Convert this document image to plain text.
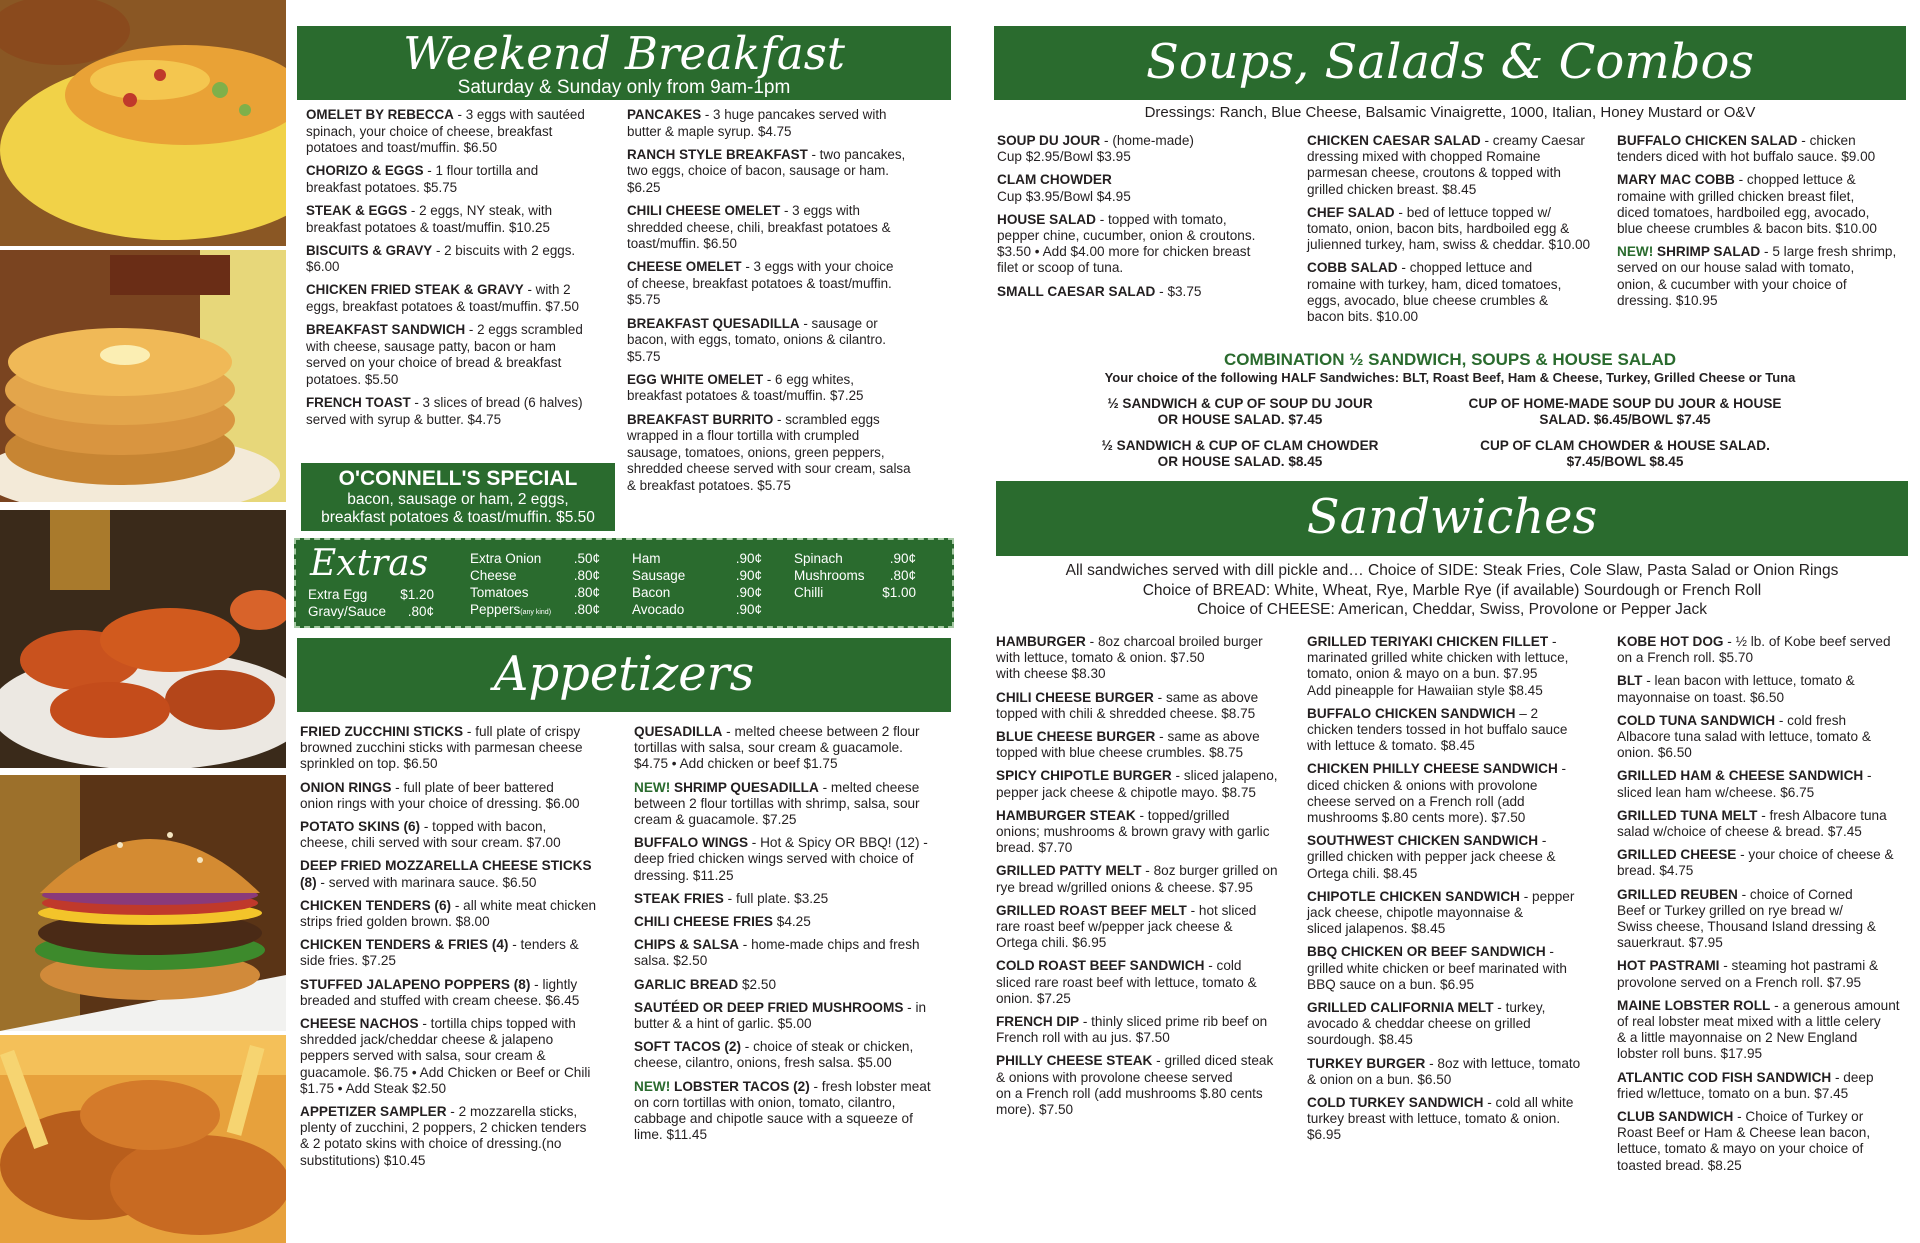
Weekend Breakfast
Saturday & Sunday only from 9am-1pm
OMELET BY REBECCA - 3 eggs with sautéed
spinach, your choice of cheese, breakfast
potatoes and toast/muffin. $6.50
CHORIZO & EGGS - 1 flour tortilla and
breakfast potatoes. $5.75
STEAK & EGGS - 2 eggs, NY steak, with
breakfast potatoes & toast/muffin. $10.25
BISCUITS & GRAVY - 2 biscuits with 2 eggs.
$6.00
CHICKEN FRIED STEAK & GRAVY - with 2
eggs, breakfast potatoes & toast/muffin. $7.50
BREAKFAST SANDWICH - 2 eggs scrambled
with cheese, sausage patty, bacon or ham
served on your choice of bread & breakfast
potatoes. $5.50
FRENCH TOAST - 3 slices of bread (6 halves)
served with syrup & butter. $4.75
PANCAKES - 3 huge pancakes served with
butter & maple syrup. $4.75
RANCH STYLE BREAKFAST - two pancakes,
two eggs, choice of bacon, sausage or ham.
$6.25
CHILI CHEESE OMELET - 3 eggs with
shredded cheese, chili, breakfast potatoes &
toast/muffin. $6.50
CHEESE OMELET - 3 eggs with your choice
of cheese, breakfast potatoes & toast/muffin.
$5.75
BREAKFAST QUESADILLA - sausage or
bacon, with eggs, tomato, onions & cilantro.
$5.75
EGG WHITE OMELET - 6 egg whites,
breakfast potatoes & toast/muffin. $7.25
BREAKFAST BURRITO - scrambled eggs
wrapped in a flour tortilla with crumpled
sausage, tomatoes, onions, green peppers,
shredded cheese served with sour cream, salsa
& breakfast potatoes. $5.75
O'CONNELL'S SPECIAL
bacon, sausage or ham, 2 eggs,
breakfast potatoes & toast/muffin. $5.50
Extras
Extra Egg $1.20
Gravy/Sauce .80¢
Extra Onion .50¢
Cheese	.80¢
Tomatoes	.80¢
Peppers(any kind) .80¢
Ham	.90¢
Sausage	.90¢
Bacon	.90¢
Avocado	.90¢
Spinach	.90¢
Mushrooms .80¢
Chilli	$1.00
Appetizers
FRIED ZUCCHINI STICKS - full plate of crispy
browned zucchini sticks with parmesan cheese
sprinkled on top. $6.50
ONION RINGS - full plate of beer battered
onion rings with your choice of dressing. $6.00
POTATO SKINS (6) - topped with bacon,
cheese, chili served with sour cream. $7.00
DEEP FRIED MOZZARELLA CHEESE STICKS
(8) - served with marinara sauce. $6.50
CHICKEN TENDERS (6) - all white meat chicken
strips fried golden brown. $8.00
CHICKEN TENDERS & FRIES (4) - tenders &
side fries. $7.25
STUFFED JALAPENO POPPERS (8) - lightly
breaded and stuffed with cream cheese. $6.45
CHEESE NACHOS - tortilla chips topped with
shredded jack/cheddar cheese & jalapeno
peppers served with salsa, sour cream &
guacamole. $6.75 • Add Chicken or Beef or Chili
$1.75 • Add Steak $2.50
APPETIZER SAMPLER - 2 mozzarella sticks,
plenty of zucchini, 2 poppers, 2 chicken tenders
& 2 potato skins with choice of dressing.(no
substitutions) $10.45
QUESADILLA - melted cheese between 2 flour
tortillas with salsa, sour cream & guacamole.
$4.75 • Add chicken or beef $1.75
NEW! SHRIMP QUESADILLA - melted cheese
between 2 flour tortillas with shrimp, salsa, sour
cream & guacamole. $7.25
BUFFALO WINGS - Hot & Spicy OR BBQ! (12) -
deep fried chicken wings served with choice of
dressing. $11.25
STEAK FRIES - full plate. $3.25
CHILI CHEESE FRIES $4.25
CHIPS & SALSA - home-made chips and fresh
salsa. $2.50
GARLIC BREAD $2.50
SAUTÉED OR DEEP FRIED MUSHROOMS - in
butter & a hint of garlic. $5.00
SOFT TACOS (2) - choice of steak or chicken,
cheese, cilantro, onions, fresh salsa. $5.00
NEW! LOBSTER TACOS (2) - fresh lobster meat
on corn tortillas with onion, tomato, cilantro,
cabbage and chipotle sauce with a squeeze of
lime. $11.45
Soups, Salads & Combos
Dressings: Ranch, Blue Cheese, Balsamic Vinaigrette, 1000, Italian, Honey Mustard or O&V
SOUP DU JOUR - (home-made)
Cup $2.95/Bowl $3.95
CLAM CHOWDER
Cup $3.95/Bowl $4.95
HOUSE SALAD - topped with tomato,
pepper chine, cucumber, onion & croutons.
$3.50 • Add $4.00 more for chicken breast
filet or scoop of tuna.
SMALL CAESAR SALAD - $3.75
CHICKEN CAESAR SALAD - creamy Caesar
dressing mixed with chopped Romaine
parmesan cheese, croutons & topped with
grilled chicken breast. $8.45
CHEF SALAD - bed of lettuce topped w/
tomato, onion, bacon bits, hardboiled egg &
julienned turkey, ham, swiss & cheddar. $10.00
COBB SALAD - chopped lettuce and
romaine with turkey, ham, diced tomatoes,
eggs, avocado, blue cheese crumbles &
bacon bits. $10.00
BUFFALO CHICKEN SALAD - chicken
tenders diced with hot buffalo sauce. $9.00
MARY MAC COBB - chopped lettuce &
romaine with grilled chicken breast filet,
diced tomatoes, hardboiled egg, avocado,
blue cheese crumbles & bacon bits. $10.00
NEW! SHRIMP SALAD - 5 large fresh shrimp,
served on our house salad with tomato,
onion, & cucumber with your choice of
dressing. $10.95
COMBINATION ½ SANDWICH, SOUPS & HOUSE SALAD
Your choice of the following HALF Sandwiches: BLT, Roast Beef, Ham & Cheese, Turkey, Grilled Cheese or Tuna
½ SANDWICH & CUP OF SOUP DU JOUR
OR HOUSE SALAD. $7.45
CUP OF HOME-MADE SOUP DU JOUR & HOUSE
SALAD. $6.45/BOWL $7.45
½ SANDWICH & CUP OF CLAM CHOWDER
OR HOUSE SALAD. $8.45
CUP OF CLAM CHOWDER & HOUSE SALAD.
$7.45/BOWL $8.45
Sandwiches
All sandwiches served with dill pickle and… Choice of SIDE: Steak Fries, Cole Slaw, Pasta Salad or Onion Rings
Choice of BREAD: White, Wheat, Rye, Marble Rye (if available) Sourdough or French Roll
Choice of CHEESE: American, Cheddar, Swiss, Provolone or Pepper Jack
HAMBURGER - 8oz charcoal broiled burger
with lettuce, tomato & onion. $7.50
with cheese $8.30
CHILI CHEESE BURGER - same as above
topped with chili & shredded cheese. $8.75
BLUE CHEESE BURGER - same as above
topped with blue cheese crumbles. $8.75
SPICY CHIPOTLE BURGER - sliced jalapeno,
pepper jack cheese & chipotle mayo. $8.75
HAMBURGER STEAK - topped/grilled
onions; mushrooms & brown gravy with garlic
bread. $7.70
GRILLED PATTY MELT - 8oz burger grilled on
rye bread w/grilled onions & cheese. $7.95
GRILLED ROAST BEEF MELT - hot sliced
rare roast beef w/pepper jack cheese &
Ortega chili. $6.95
COLD ROAST BEEF SANDWICH - cold
sliced rare roast beef with lettuce, tomato &
onion. $7.25
FRENCH DIP - thinly sliced prime rib beef on
French roll with au jus. $7.50
PHILLY CHEESE STEAK - grilled diced steak
& onions with provolone cheese served
on a French roll (add mushrooms $.80 cents
more). $7.50
GRILLED TERIYAKI CHICKEN FILLET -
marinated grilled white chicken with lettuce,
tomato, onion & mayo on a bun. $7.95
Add pineapple for Hawaiian style $8.45
BUFFALO CHICKEN SANDWICH – 2
chicken tenders tossed in hot buffalo sauce
with lettuce & tomato. $8.45
CHICKEN PHILLY CHEESE SANDWICH -
diced chicken & onions with provolone
cheese served on a French roll (add
mushrooms $.80 cents more). $7.50
SOUTHWEST CHICKEN SANDWICH -
grilled chicken with pepper jack cheese &
Ortega chili. $8.45
CHIPOTLE CHICKEN SANDWICH - pepper
jack cheese, chipotle mayonnaise &
sliced jalapenos. $8.45
BBQ CHICKEN OR BEEF SANDWICH -
grilled white chicken or beef marinated with
BBQ sauce on a bun. $6.95
GRILLED CALIFORNIA MELT - turkey,
avocado & cheddar cheese on grilled
sourdough. $8.45
TURKEY BURGER - 8oz with lettuce, tomato
& onion on a bun. $6.50
COLD TURKEY SANDWICH - cold all white
turkey breast with lettuce, tomato & onion.
$6.95
KOBE HOT DOG - ½ lb. of Kobe beef served
on a French roll. $5.70
BLT - lean bacon with lettuce, tomato &
mayonnaise on toast. $6.50
COLD TUNA SANDWICH - cold fresh
Albacore tuna salad with lettuce, tomato &
onion. $6.50
GRILLED HAM & CHEESE SANDWICH -
sliced lean ham w/cheese. $6.75
GRILLED TUNA MELT - fresh Albacore tuna
salad w/choice of cheese & bread. $7.45
GRILLED CHEESE - your choice of cheese &
bread. $4.75
GRILLED REUBEN - choice of Corned
Beef or Turkey grilled on rye bread w/
Swiss cheese, Thousand Island dressing &
sauerkraut. $7.95
HOT PASTRAMI - steaming hot pastrami &
provolone served on a French roll. $7.95
MAINE LOBSTER ROLL - a generous amount
of real lobster meat mixed with a little celery
& a little mayonnaise on 2 New England
lobster roll buns. $17.95
ATLANTIC COD FISH SANDWICH - deep
fried w/lettuce, tomato on a bun. $7.45
CLUB SANDWICH - Choice of Turkey or
Roast Beef or Ham & Cheese lean bacon,
lettuce, tomato & mayo on your choice of
toasted bread. $8.25
